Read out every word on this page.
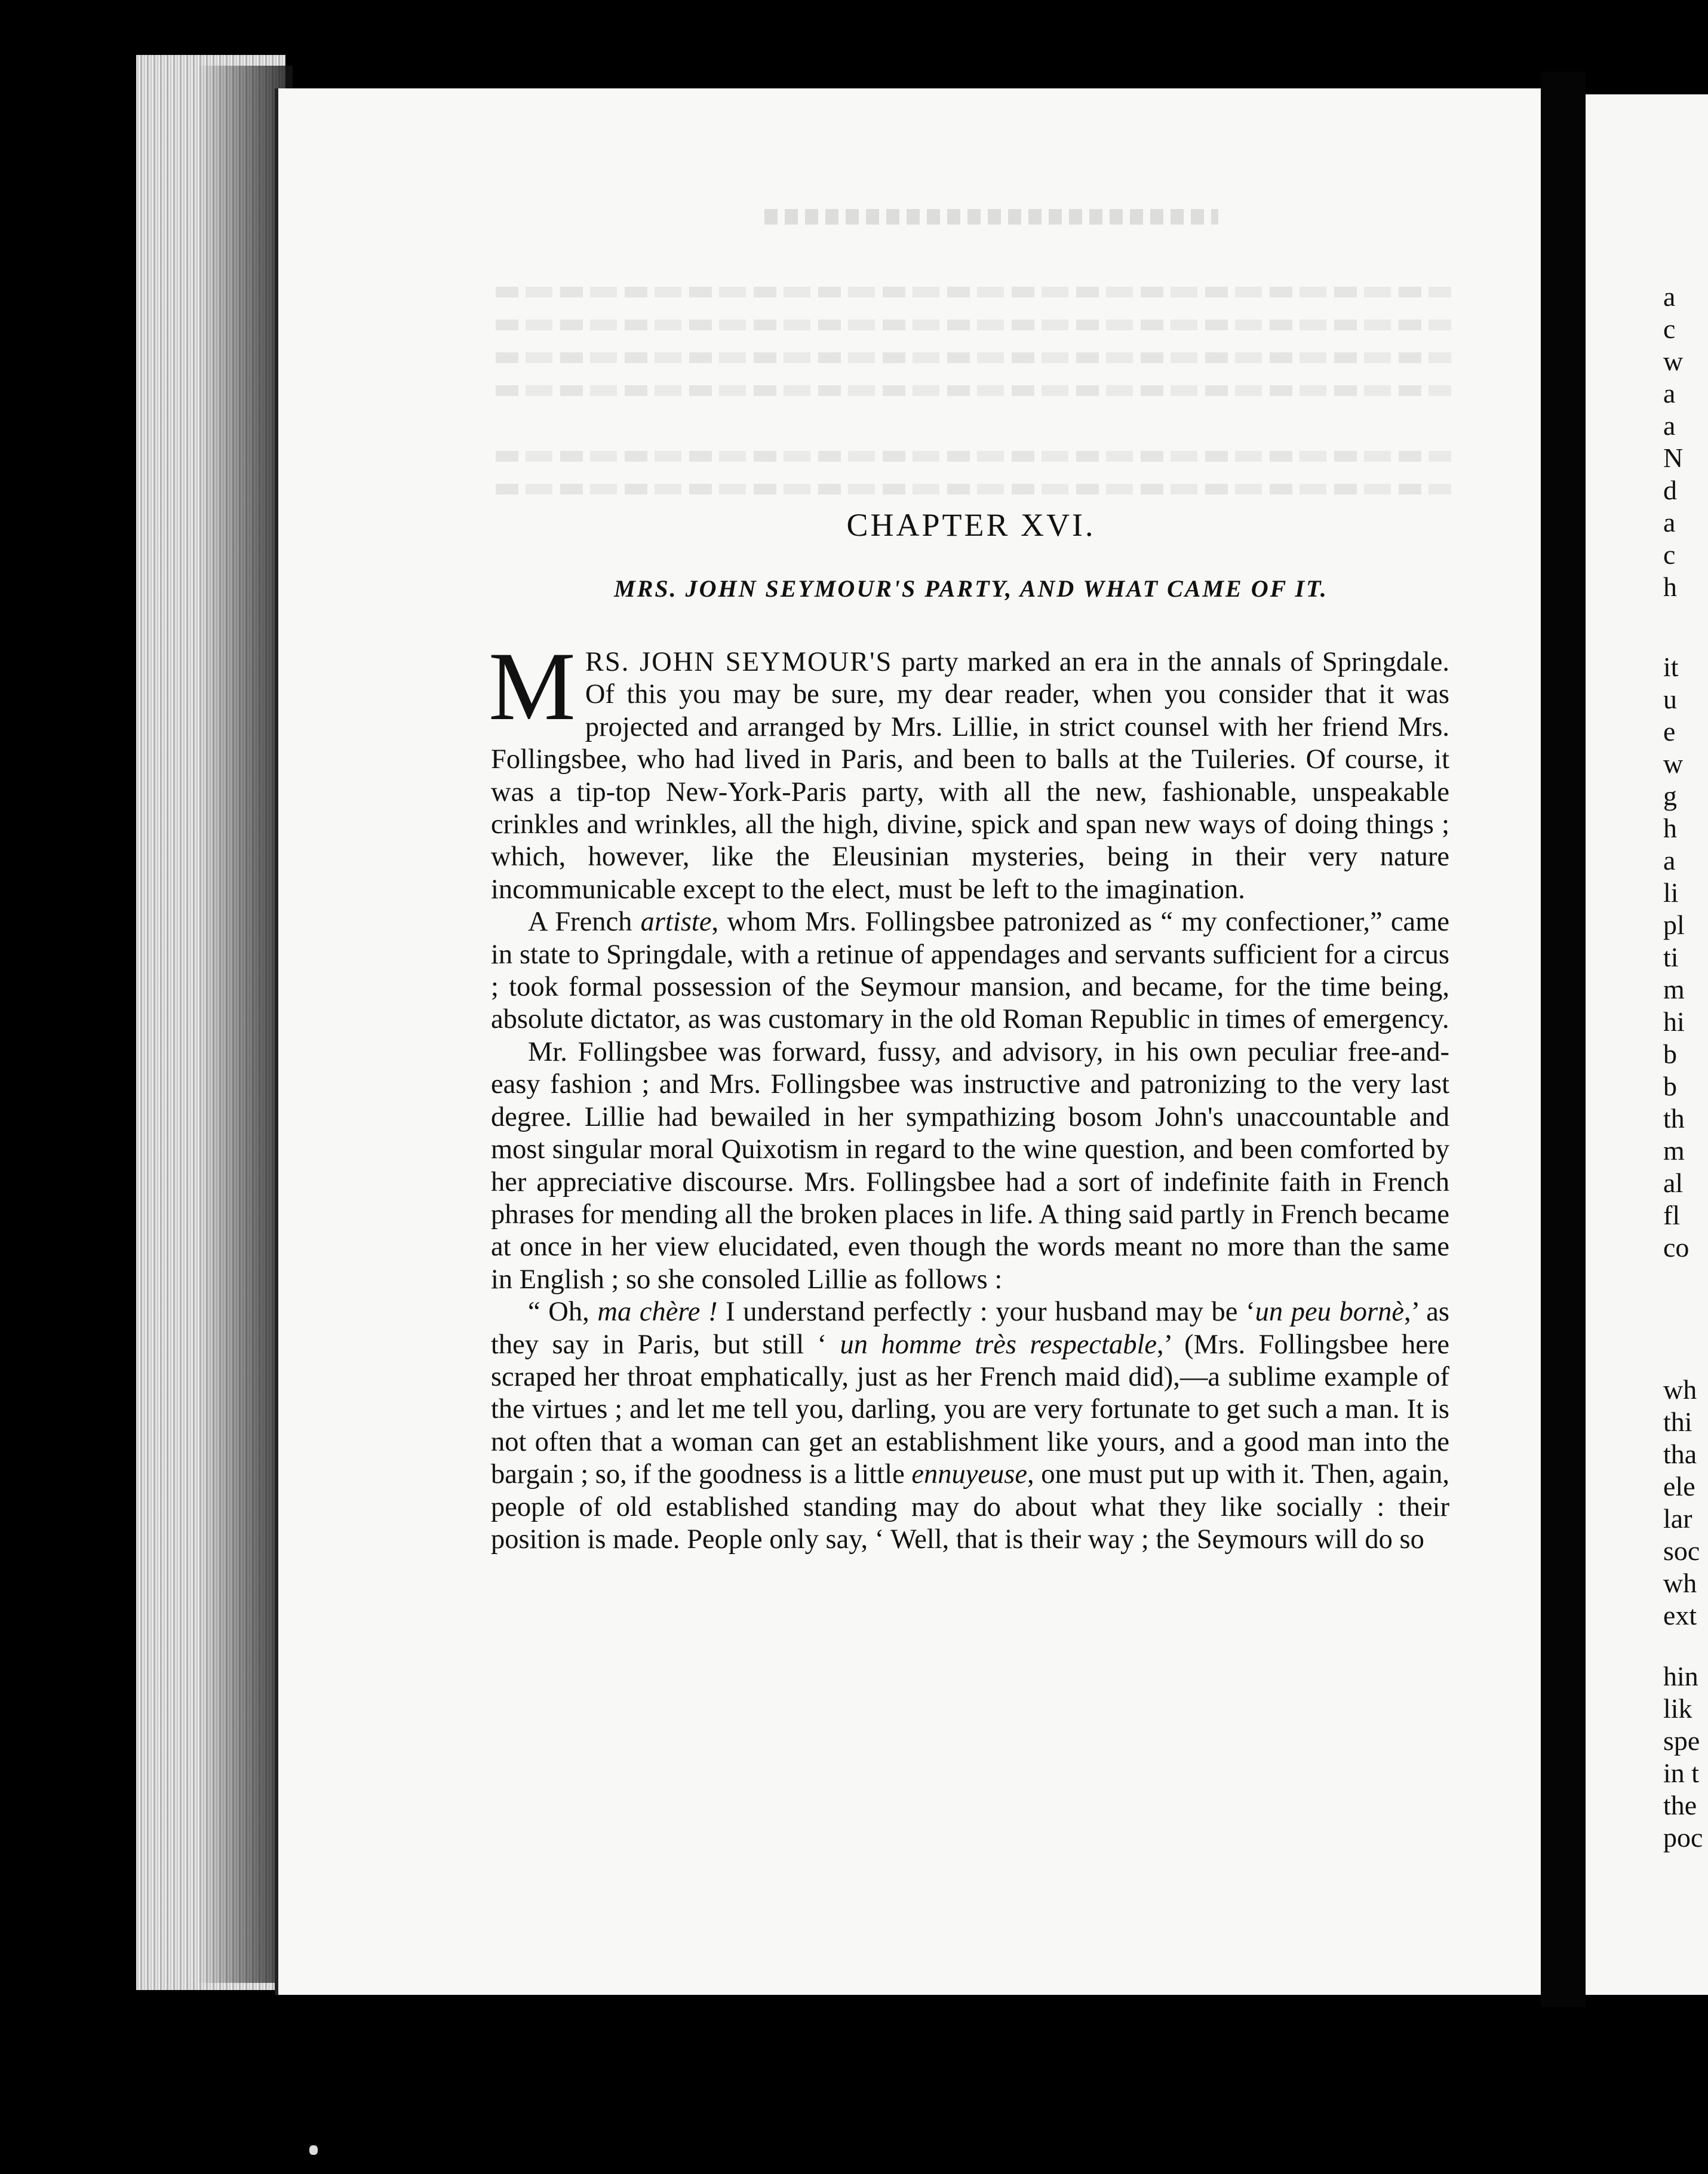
CHAPTER XVI.
MRS. JOHN SEYMOUR'S PARTY, AND WHAT CAME OF IT.

MRS. JOHN SEYMOUR'S party marked an era in the annals of Springdale. Of this you may be sure, my dear reader, when you consider that it was projected and arranged by Mrs. Lillie, in strict counsel with her friend Mrs. Follingsbee, who had lived in Paris, and been to balls at the Tuileries. Of course, it was a tip-top New-York-Paris party, with all the new, fashionable, unspeakable crinkles and wrinkles, all the high, divine, spick and span new ways of doing things ; which, however, like the Eleusinian mysteries, being in their very nature incommunicable except to the elect, must be left to the imagination.

A French artiste, whom Mrs. Follingsbee patronized as “ my confectioner,” came in state to Springdale, with a retinue of appendages and servants sufficient for a circus ; took formal possession of the Seymour mansion, and became, for the time being, absolute dictator, as was customary in the old Roman Republic in times of emergency.

Mr. Follingsbee was forward, fussy, and advisory, in his own peculiar free-and-easy fashion ; and Mrs. Follingsbee was instructive and patronizing to the very last degree. Lillie had bewailed in her sympathizing bosom John's unaccountable and most singular moral Quixotism in regard to the wine question, and been comforted by her appreciative discourse. Mrs. Follingsbee had a sort of indefinite faith in French phrases for mending all the broken places in life. A thing said partly in French became at once in her view elucidated, even though the words meant no more than the same in English ; so she consoled Lillie as follows :

“ Oh, ma chère ! I understand perfectly : your husband may be ‘un peu bornè,’ as they say in Paris, but still ‘ un homme très respectable,’ (Mrs. Follingsbee here scraped her throat emphatically, just as her French maid did),—a sublime example of the virtues ; and let me tell you, darling, you are very fortunate to get such a man. It is not often that a woman can get an establishment like yours, and a good man into the bargain ; so, if the goodness is a little ennuyeuse, one must put up with it. Then, again, people of old established standing may do about what they like socially : their position is made. People only say, ‘ Well, that is their way ; the Seymours will do so

a
c
w
a
a
N
d
a
c
h
it
u
e
w
g
h
a
li
pl
ti
m
hi
b
b
th
m
al
fl
co
wh
thi
tha
ele
lar
soc
wh
ext
hin
lik
spe
in t
the
poc
